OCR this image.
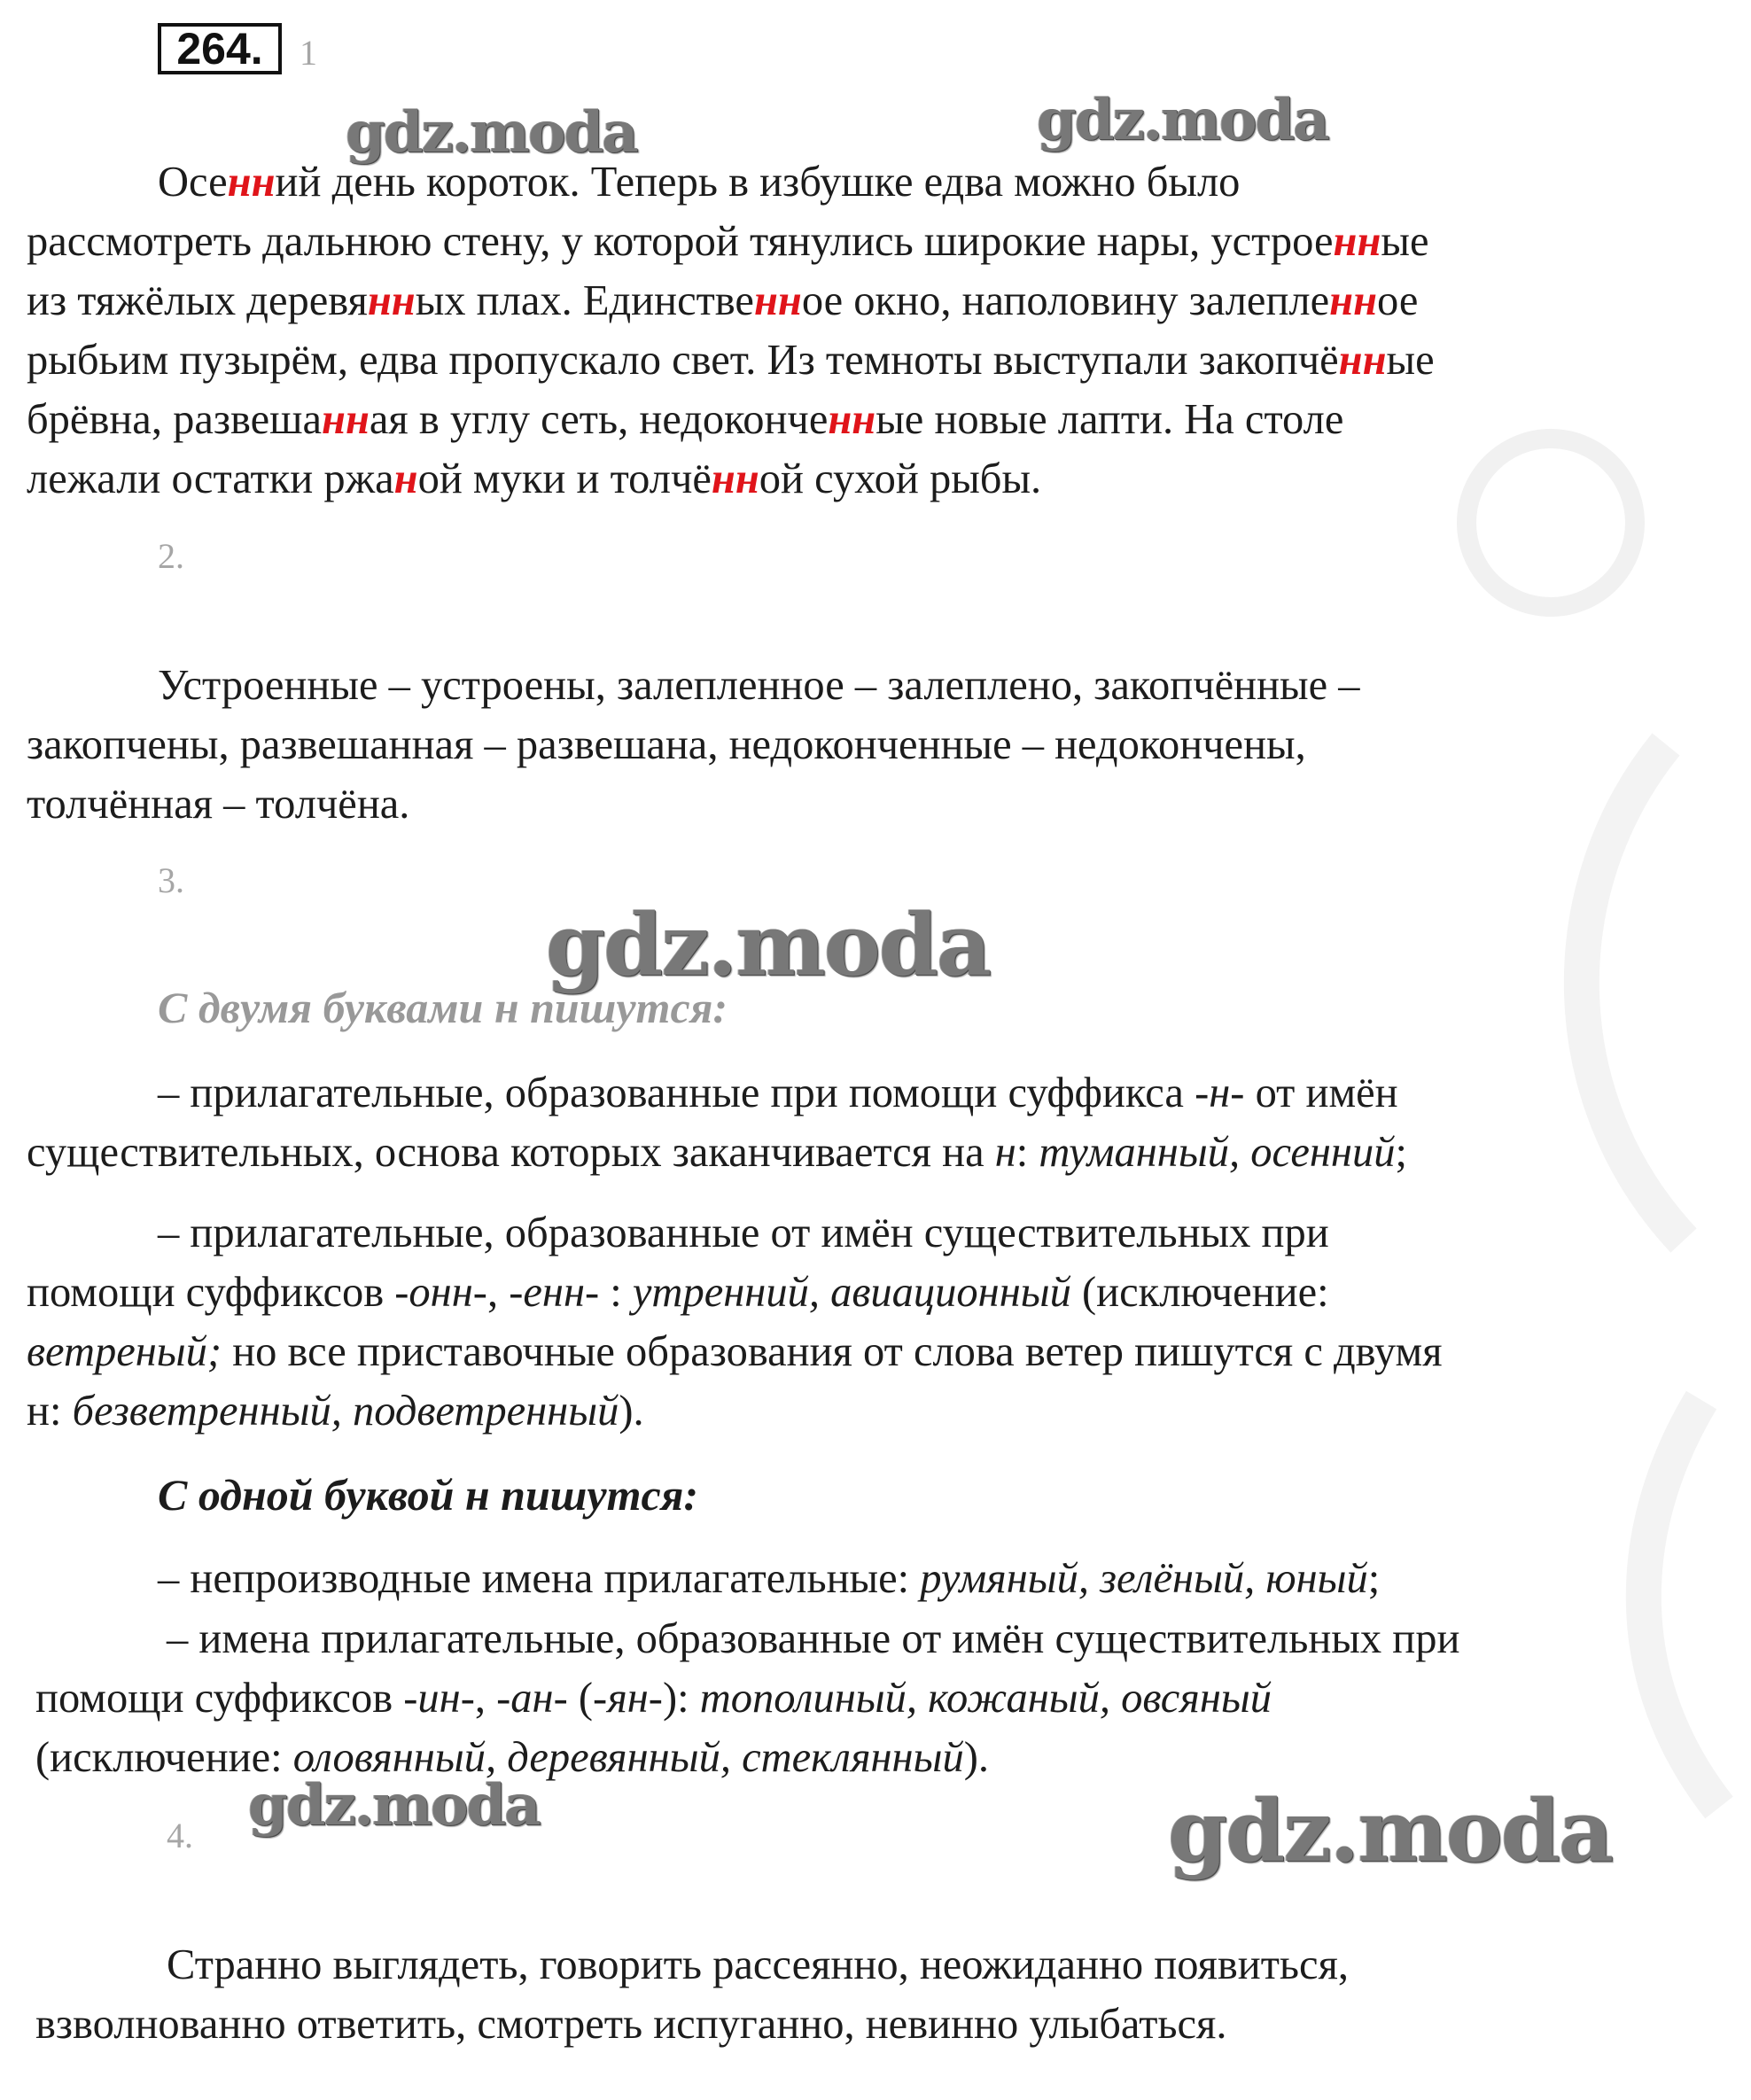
264.	1
Осенний день короток. Теперь в избушке едва можно было
рассмотреть дальнюю стену, у которой тянулись широкие нары, устроенные
из тяжёлых деревянных плах. Единственное окно, наполовину залепленное
рыбьим пузырём, едва пропускало свет. Из темноты выступали закопчённые
брёвна, развешанная в углу сеть, недоконченные новые лапти. На столе
лежали остатки ржаной муки и толчённой сухой рыбы.
2.
Устроенные – устроены, залепленное – залеплено, закопчённые –
закопчены, развешанная – развешана, недоконченные – недокончены,
толчённая – толчёна.
3.

С двумя буквами н пишутся:

– прилагательные, образованные при помощи суффикса -н- от имён
существительных, основа которых заканчивается на н: туманный, осенний;
– прилагательные, образованные от имён существительных при
помощи суффиксов -онн-, -енн- : утренний, авиационный (исключение:
ветреный; но все приставочные образования от слова ветер пишутся с двумя
н: безветренный, подветренный).

С одной буквой н пишутся:

– непроизводные имена прилагательные: румяный, зелёный, юный;
– имена прилагательные, образованные от имён существительных при
помощи суффиксов -ин-, -ан- (-ян-): тополиный, кожаный, овсяный
(исключение: оловянный, деревянный, стеклянный).
4.
Странно выглядеть, говорить рассеянно, неожиданно появиться,
взволнованно ответить, смотреть испуганно, невинно улыбаться.
gdz.moda	gdz.moda
gdz.moda
gdz.moda	gdz.moda
